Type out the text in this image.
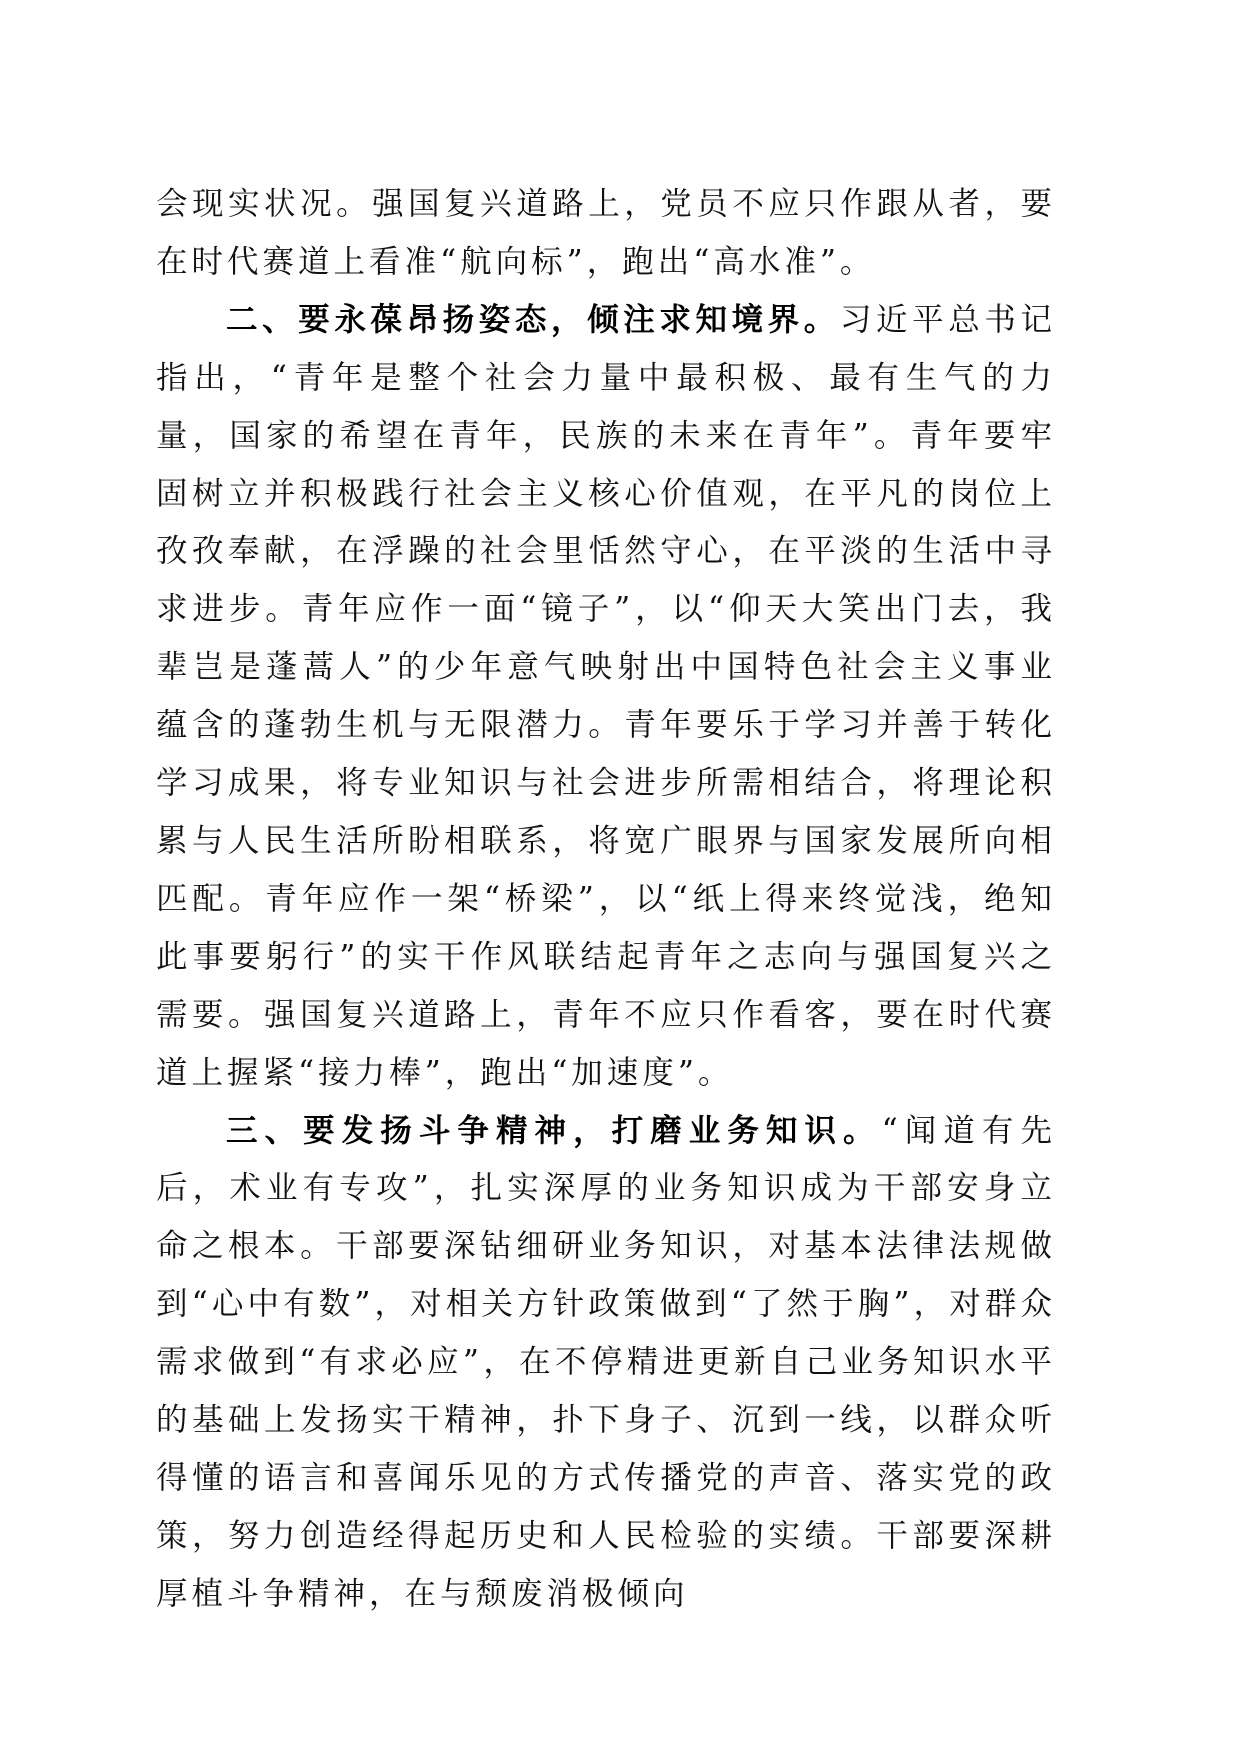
会现实状况。强国复兴道路上，党员不应只作跟从者，要在时代赛道上看准“航向标”，跑出“高水准”。

二、要永葆昂扬姿态，倾注求知境界。习近平总书记指出，“青年是整个社会力量中最积极、最有生气的力量，国家的希望在青年，民族的未来在青年”。青年要牢固树立并积极践行社会主义核心价值观，在平凡的岗位上孜孜奉献，在浮躁的社会里恬然守心，在平淡的生活中寻求进步。青年应作一面“镜子”，以“仰天大笑出门去，我辈岂是蓬蒿人”的少年意气映射出中国特色社会主义事业蕴含的蓬勃生机与无限潜力。青年要乐于学习并善于转化学习成果，将专业知识与社会进步所需相结合，将理论积累与人民生活所盼相联系，将宽广眼界与国家发展所向相匹配。青年应作一架“桥梁”，以“纸上得来终觉浅，绝知此事要躬行”的实干作风联结起青年之志向与强国复兴之需要。强国复兴道路上，青年不应只作看客，要在时代赛道上握紧“接力棒”，跑出“加速度”。

三、要发扬斗争精神，打磨业务知识。“闻道有先后，术业有专攻”，扎实深厚的业务知识成为干部安身立命之根本。干部要深钻细研业务知识，对基本法律法规做到“心中有数”，对相关方针政策做到“了然于胸”，对群众需求做到“有求必应”，在不停精进更新自己业务知识水平的基础上发扬实干精神，扑下身子、沉到一线，以群众听得懂的语言和喜闻乐见的方式传播党的声音、落实党的政策，努力创造经得起历史和人民检验的实绩。干部要深耕厚植斗争精神，在与颓废消极倾向
